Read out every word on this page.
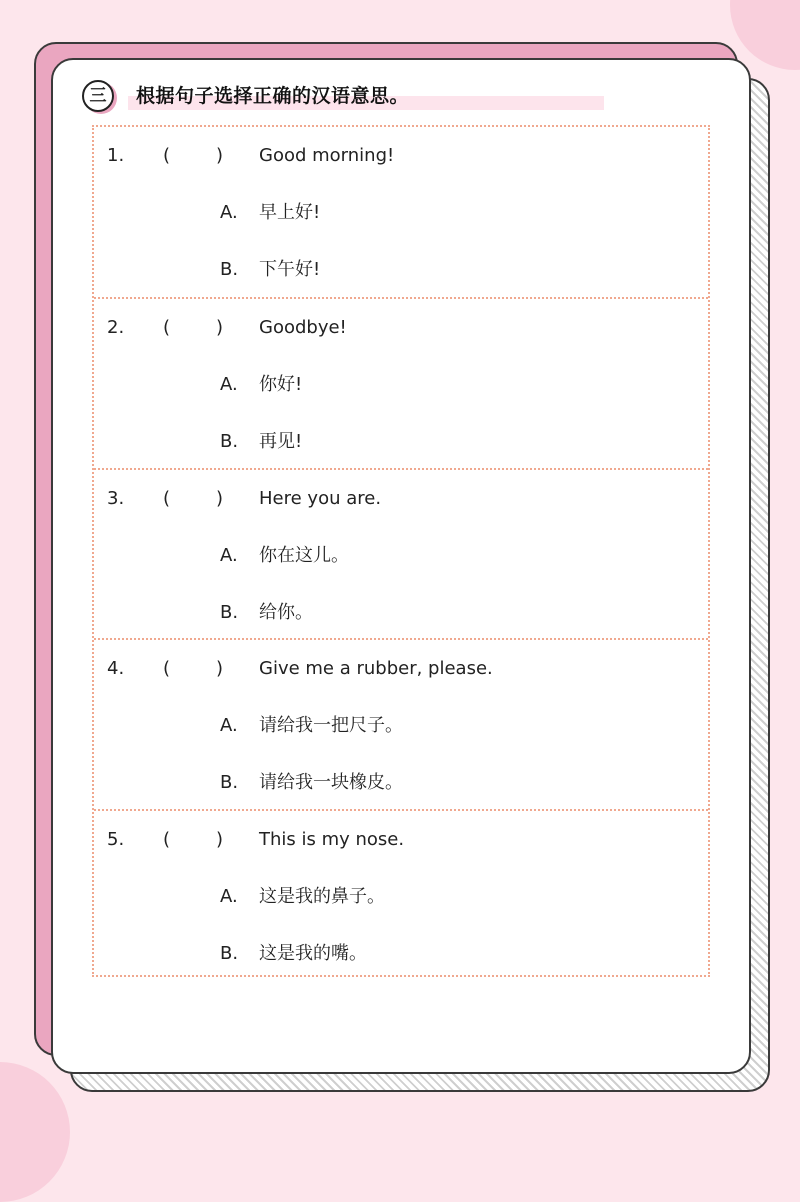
三	根据句子选择正确的汉语意思。
1. (	) Good morning!
A. 早上好!
B. 下午好!
2. (	) Goodbye!
A. 你好!
B. 再见!
3. (	) Here you are.
A. 你在这儿。
B. 给你。
4. (	) Give me a rubber, please.
A. 请给我一把尺子。
B. 请给我一块橡皮。
5. (	) This is my nose.
A. 这是我的鼻子。
B. 这是我的嘴。
